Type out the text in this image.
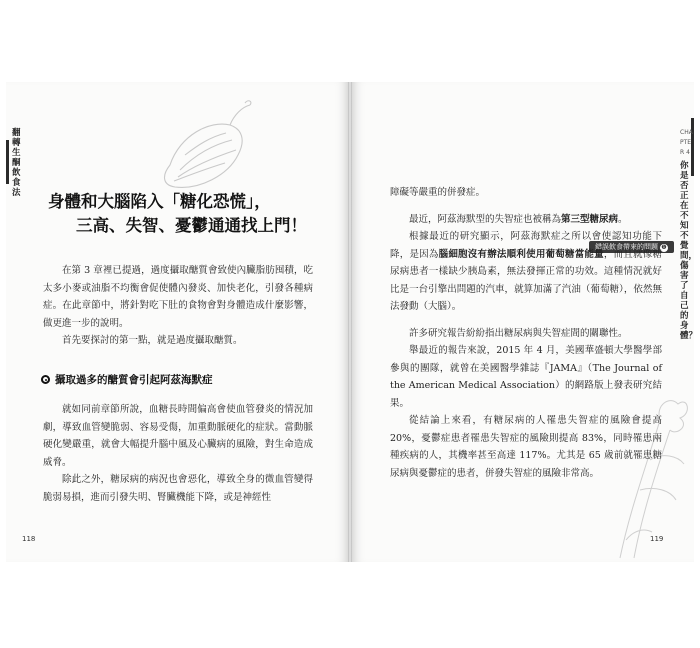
翻轉生酮飲食法
CHAPTER 4
你是否正在不知不覺間，傷害了自己的身體？
身體和大腦陷入「糖化恐慌」，
三高、失智、憂鬱通通找上門！
錯誤飲食帶來的問題 ❶

在第 3 章裡已提過，過度攝取醣質會致使內臟脂肪囤積，吃太多小麥或油脂不均衡會促使體內發炎、加快老化，引發各種病症。在此章節中，將針對吃下肚的食物會對身體造成什麼影響，做更進一步的說明。

首先要探討的第一點，就是過度攝取醣質。

攝取過多的醣質會引起阿茲海默症

就如同前章節所說，血糖長時間偏高會使血管發炎的情況加劇，導致血管變脆弱、容易受傷，加重動脈硬化的症狀。當動脈硬化變嚴重，就會大幅提升腦中風及心臟病的風險，對生命造成威脅。

除此之外，糖尿病的病況也會惡化，導致全身的微血管變得脆弱易損，進而引發失明、腎臟機能下降，或是神經性

障礙等嚴重的併發症。

最近，阿茲海默型的失智症也被稱為第三型糖尿病。

根據最近的研究顯示，阿茲海默症之所以會使認知功能下降，是因為腦細胞沒有辦法順利使用葡萄糖當能量，而且就像糖尿病患者一樣缺少胰島素，無法發揮正常的功效。這種情況就好比是一台引擎出問題的汽車，就算加滿了汽油（葡萄糖），依然無法發動（大腦）。

許多研究報告紛紛指出糖尿病與失智症間的關聯性。

舉最近的報告來說，2015 年 4 月，美國華盛頓大學醫學部參與的團隊，就曾在美國醫學雜誌『JAMA』（The Journal of the American Medical Association）的網路版上發表研究結果。

從結論上來看，有糖尿病的人罹患失智症的風險會提高 20%，憂鬱症患者罹患失智症的風險則提高 83%，同時罹患兩種疾病的人，其機率甚至高達 117%。尤其是 65 歲前就罹患糖尿病與憂鬱症的患者，併發失智症的風險非常高。

118	119
